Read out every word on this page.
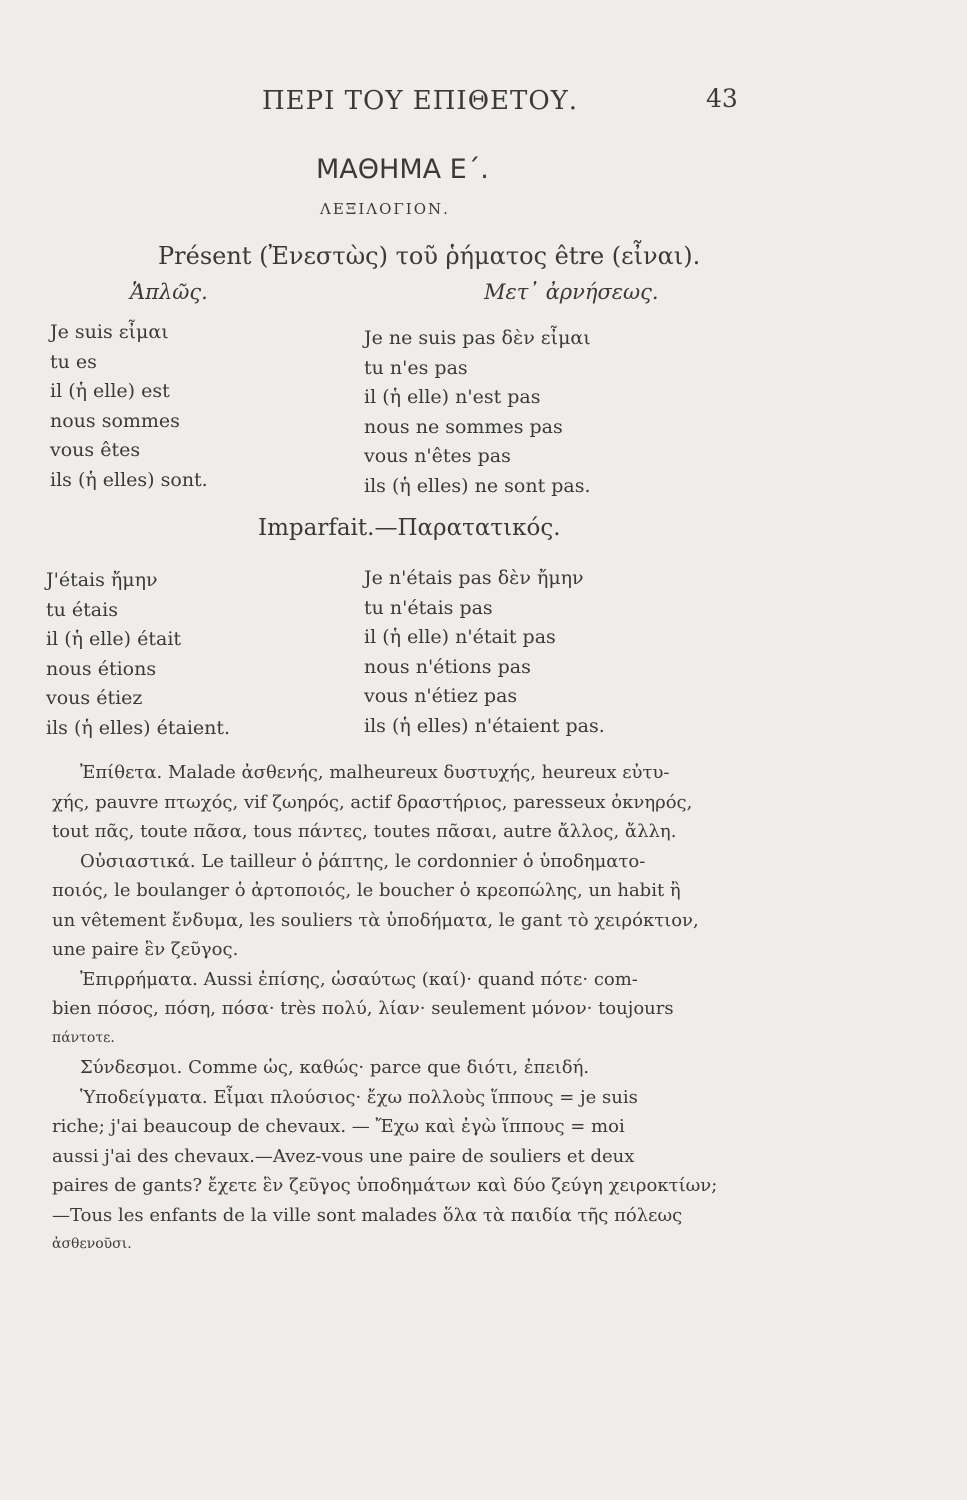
ΠΕΡΙ ΤΟΥ ΕΠΙΘΕΤΟΥ.	43
ΜΑΘΗΜΑ Ε΄.
ΛΕΞΙΛΟΓΙΟΝ.
Présent (Ἐνεστὼς) τοῦ ῥήματος être (εἶναι).
Ἁπλῶς.	Μετ᾽ ἀρνήσεως.
Je suis εἶμαι
tu es
il (ἡ elle) est
nous sommes
vous êtes
ils (ἡ elles) sont.
Je ne suis pas δὲν εἶμαι
tu n'es pas
il (ἡ elle) n'est pas
nous ne sommes pas
vous n'êtes pas
ils (ἡ elles) ne sont pas.
Imparfait.—Παρατατικός.
J'étais ἤμην
tu étais
il (ἡ elle) était
nous étions
vous étiez
ils (ἡ elles) étaient.
Je n'étais pas δὲν ἤμην
tu n'étais pas
il (ἡ elle) n'était pas
nous n'étions pas
vous n'étiez pas
ils (ἡ elles) n'étaient pas.
Ἐπίθετα. Malade ἀσθενής, malheureux δυστυχής, heureux εὐτυ-
χής, pauvre πτωχός, vif ζωηρός, actif δραστήριος, paresseux ὀκνηρός,
tout πᾶς, toute πᾶσα, tous πάντες, toutes πᾶσαι, autre ἄλλος, ἄλλη.
Οὐσιαστικά. Le tailleur ὁ ῥάπτης, le cordonnier ὁ ὑποδηματο-
ποιός, le boulanger ὁ ἀρτοποιός, le boucher ὁ κρεοπώλης, un habit ἢ
un vêtement ἔνδυμα, les souliers τὰ ὑποδήματα, le gant τὸ χειρόκτιον,
une paire ἓν ζεῦγος.
Ἐπιρρήματα. Aussi ἐπίσης, ὡσαύτως (καί)· quand πότε· com-
bien πόσος, πόση, πόσα· très πολύ, λίαν· seulement μόνον· toujours
πάντοτε.
Σύνδεσμοι. Comme ὡς, καθώς· parce que διότι, ἐπειδή.
Ὑποδείγματα. Εἶμαι πλούσιος· ἔχω πολλοὺς ἵππους = je suis
riche; j'ai beaucoup de chevaux. — Ἔχω καὶ ἐγὼ ἵππους = moi
aussi j'ai des chevaux.—Avez-vous une paire de souliers et deux
paires de gants? ἔχετε ἓν ζεῦγος ὑποδημάτων καὶ δύο ζεύγη χειροκτίων;
—Tous les enfants de la ville sont malades ὅλα τὰ παιδία τῆς πόλεως
ἀσθενοῦσι.
